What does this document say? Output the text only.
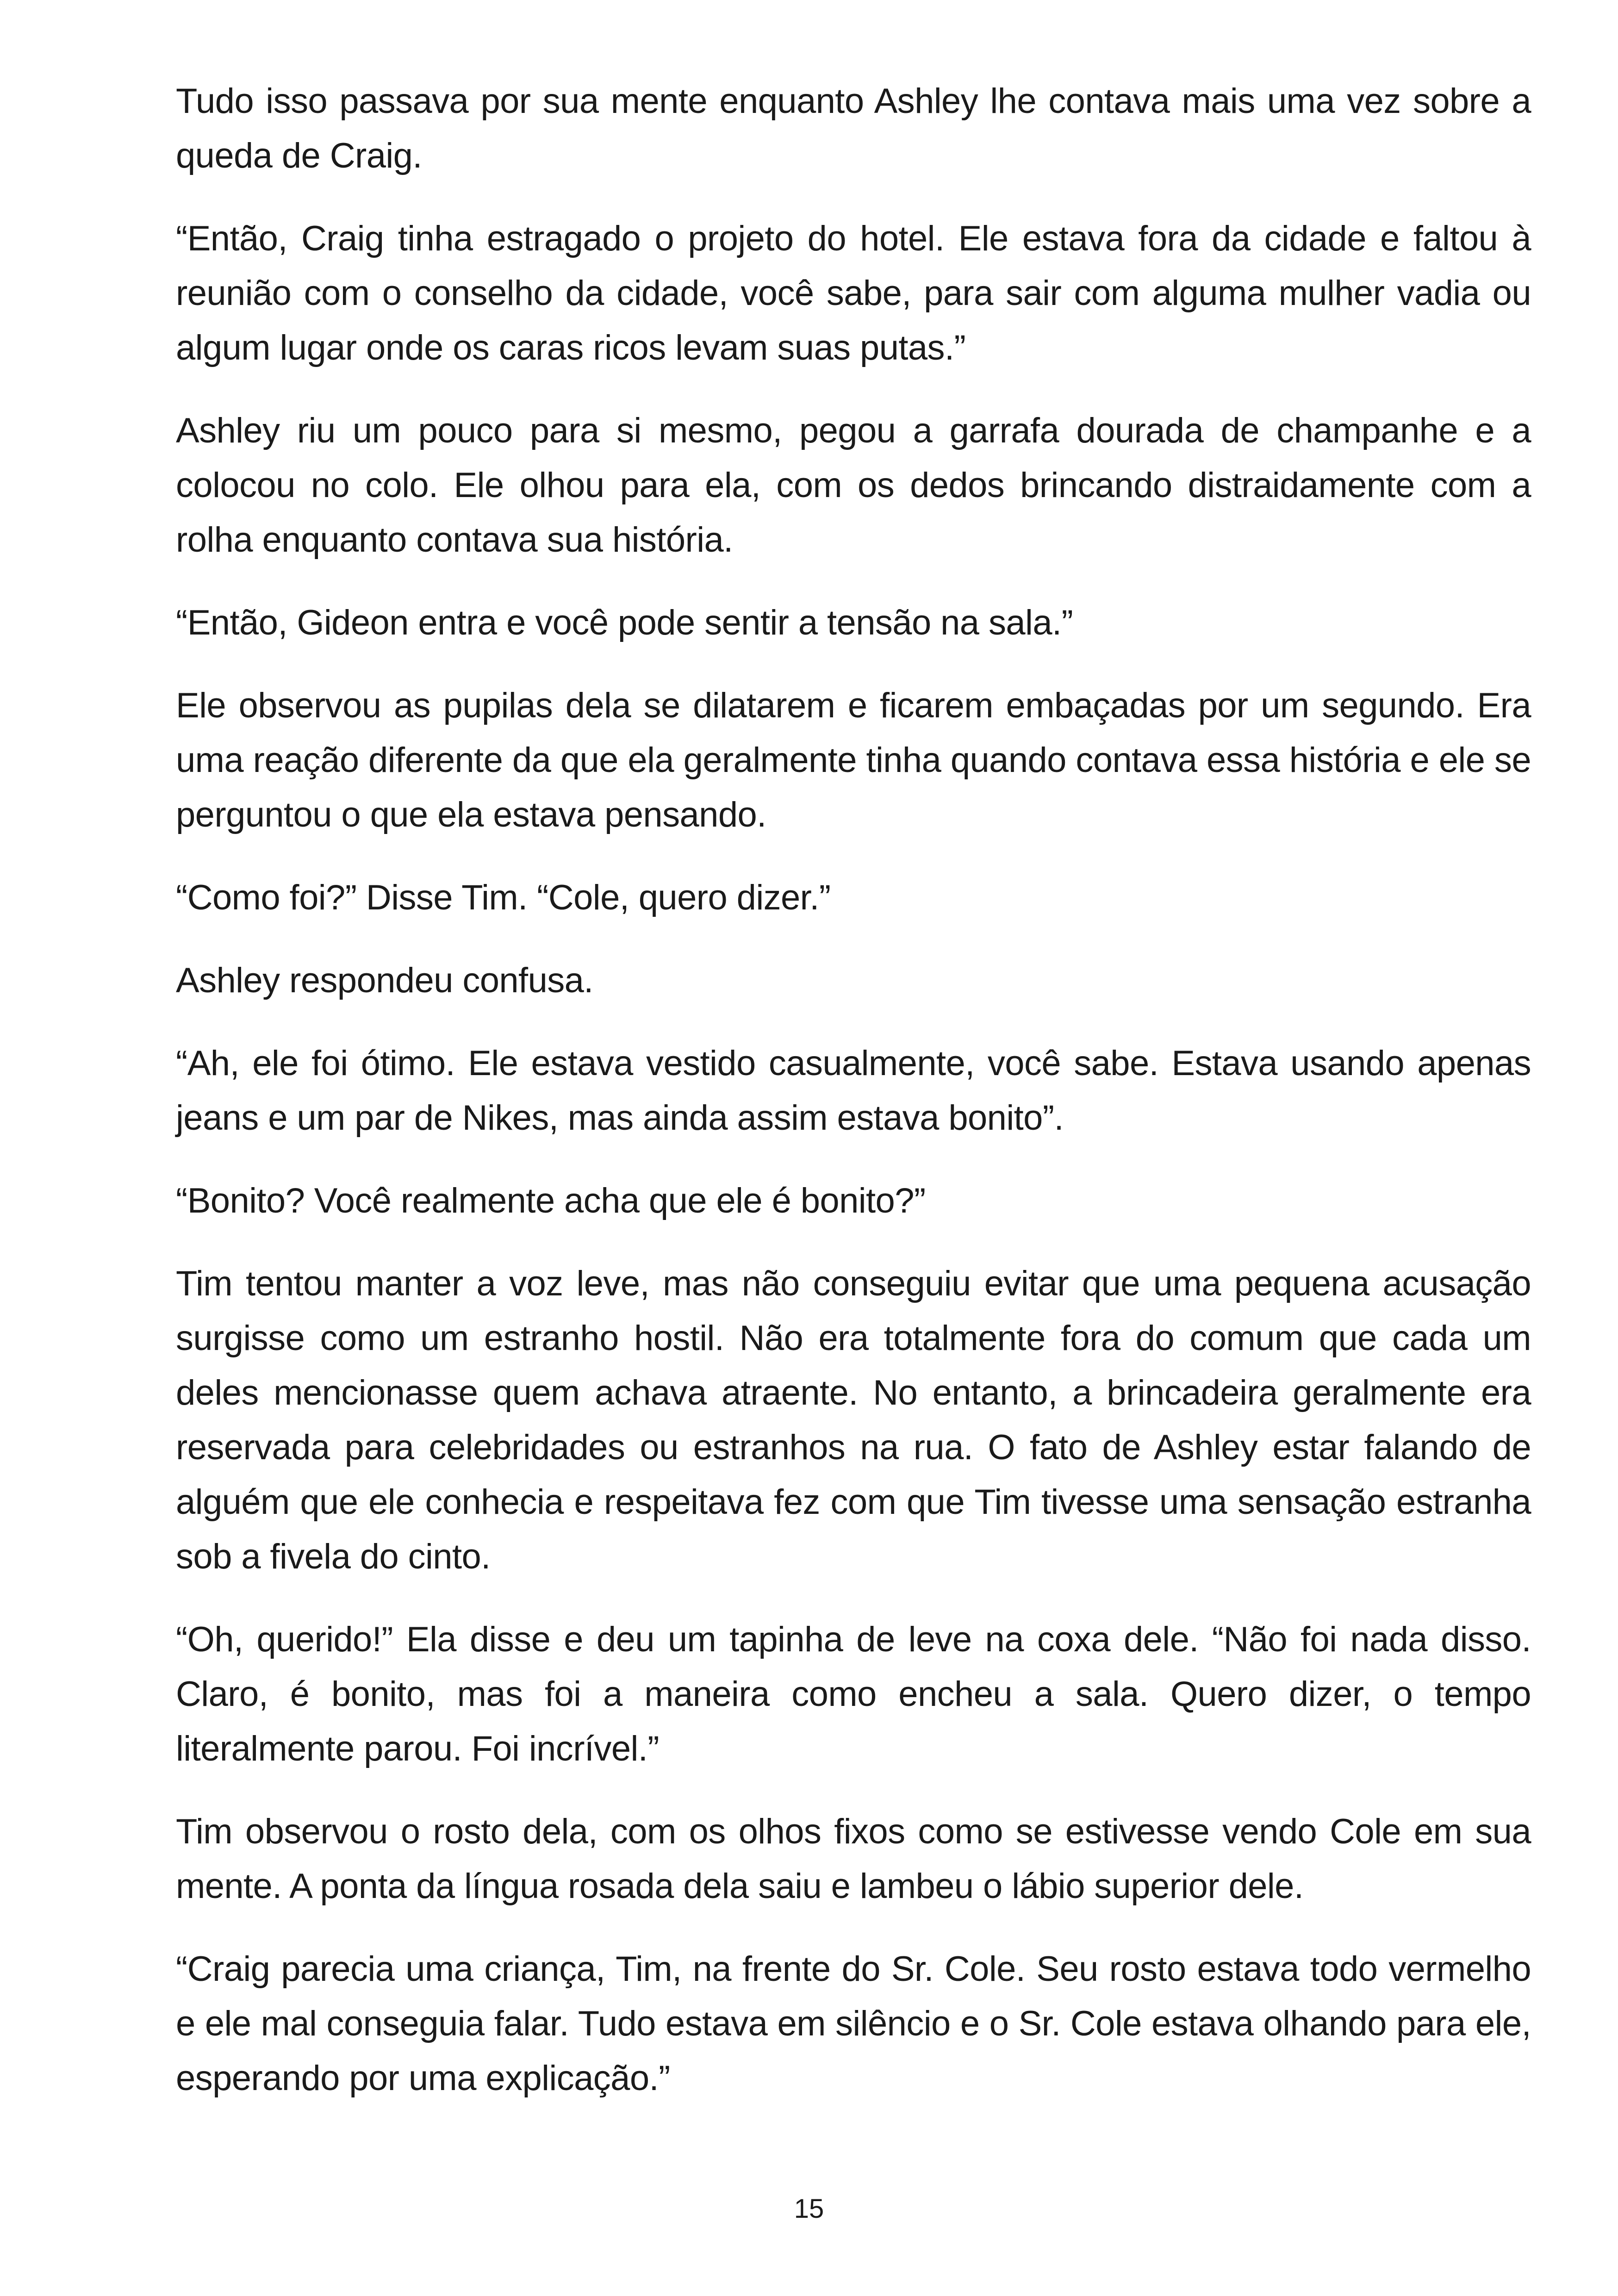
Tudo isso passava por sua mente enquanto Ashley lhe contava mais uma vez sobre a queda de Craig.

“Então, Craig tinha estragado o projeto do hotel. Ele estava fora da cidade e faltou à reunião com o conselho da cidade, você sabe, para sair com alguma mulher vadia ou algum lugar onde os caras ricos levam suas putas.”

Ashley riu um pouco para si mesmo, pegou a garrafa dourada de champanhe e a colocou no colo. Ele olhou para ela, com os dedos brincando distraidamente com a rolha enquanto contava sua história.

“Então, Gideon entra e você pode sentir a tensão na sala.”

Ele observou as pupilas dela se dilatarem e ficarem embaçadas por um segundo. Era uma reação diferente da que ela geralmente tinha quando contava essa história e ele se perguntou o que ela estava pensando.

“Como foi?” Disse Tim. “Cole, quero dizer.”

Ashley respondeu confusa.

“Ah, ele foi ótimo. Ele estava vestido casualmente, você sabe. Estava usando apenas jeans e um par de Nikes, mas ainda assim estava bonito”.

“Bonito? Você realmente acha que ele é bonito?”

Tim tentou manter a voz leve, mas não conseguiu evitar que uma pequena acusação surgisse como um estranho hostil. Não era totalmente fora do comum que cada um deles mencionasse quem achava atraente. No entanto, a brincadeira geralmente era reservada para celebridades ou estranhos na rua. O fato de Ashley estar falando de alguém que ele conhecia e respeitava fez com que Tim tivesse uma sensação estranha sob a fivela do cinto.

“Oh, querido!” Ela disse e deu um tapinha de leve na coxa dele. “Não foi nada disso. Claro, é bonito, mas foi a maneira como encheu a sala. Quero dizer, o tempo literalmente parou. Foi incrível.”

Tim observou o rosto dela, com os olhos fixos como se estivesse vendo Cole em sua mente. A ponta da língua rosada dela saiu e lambeu o lábio superior dele.

“Craig parecia uma criança, Tim, na frente do Sr. Cole. Seu rosto estava todo vermelho e ele mal conseguia falar. Tudo estava em silêncio e o Sr. Cole estava olhando para ele, esperando por uma explicação.”

15
